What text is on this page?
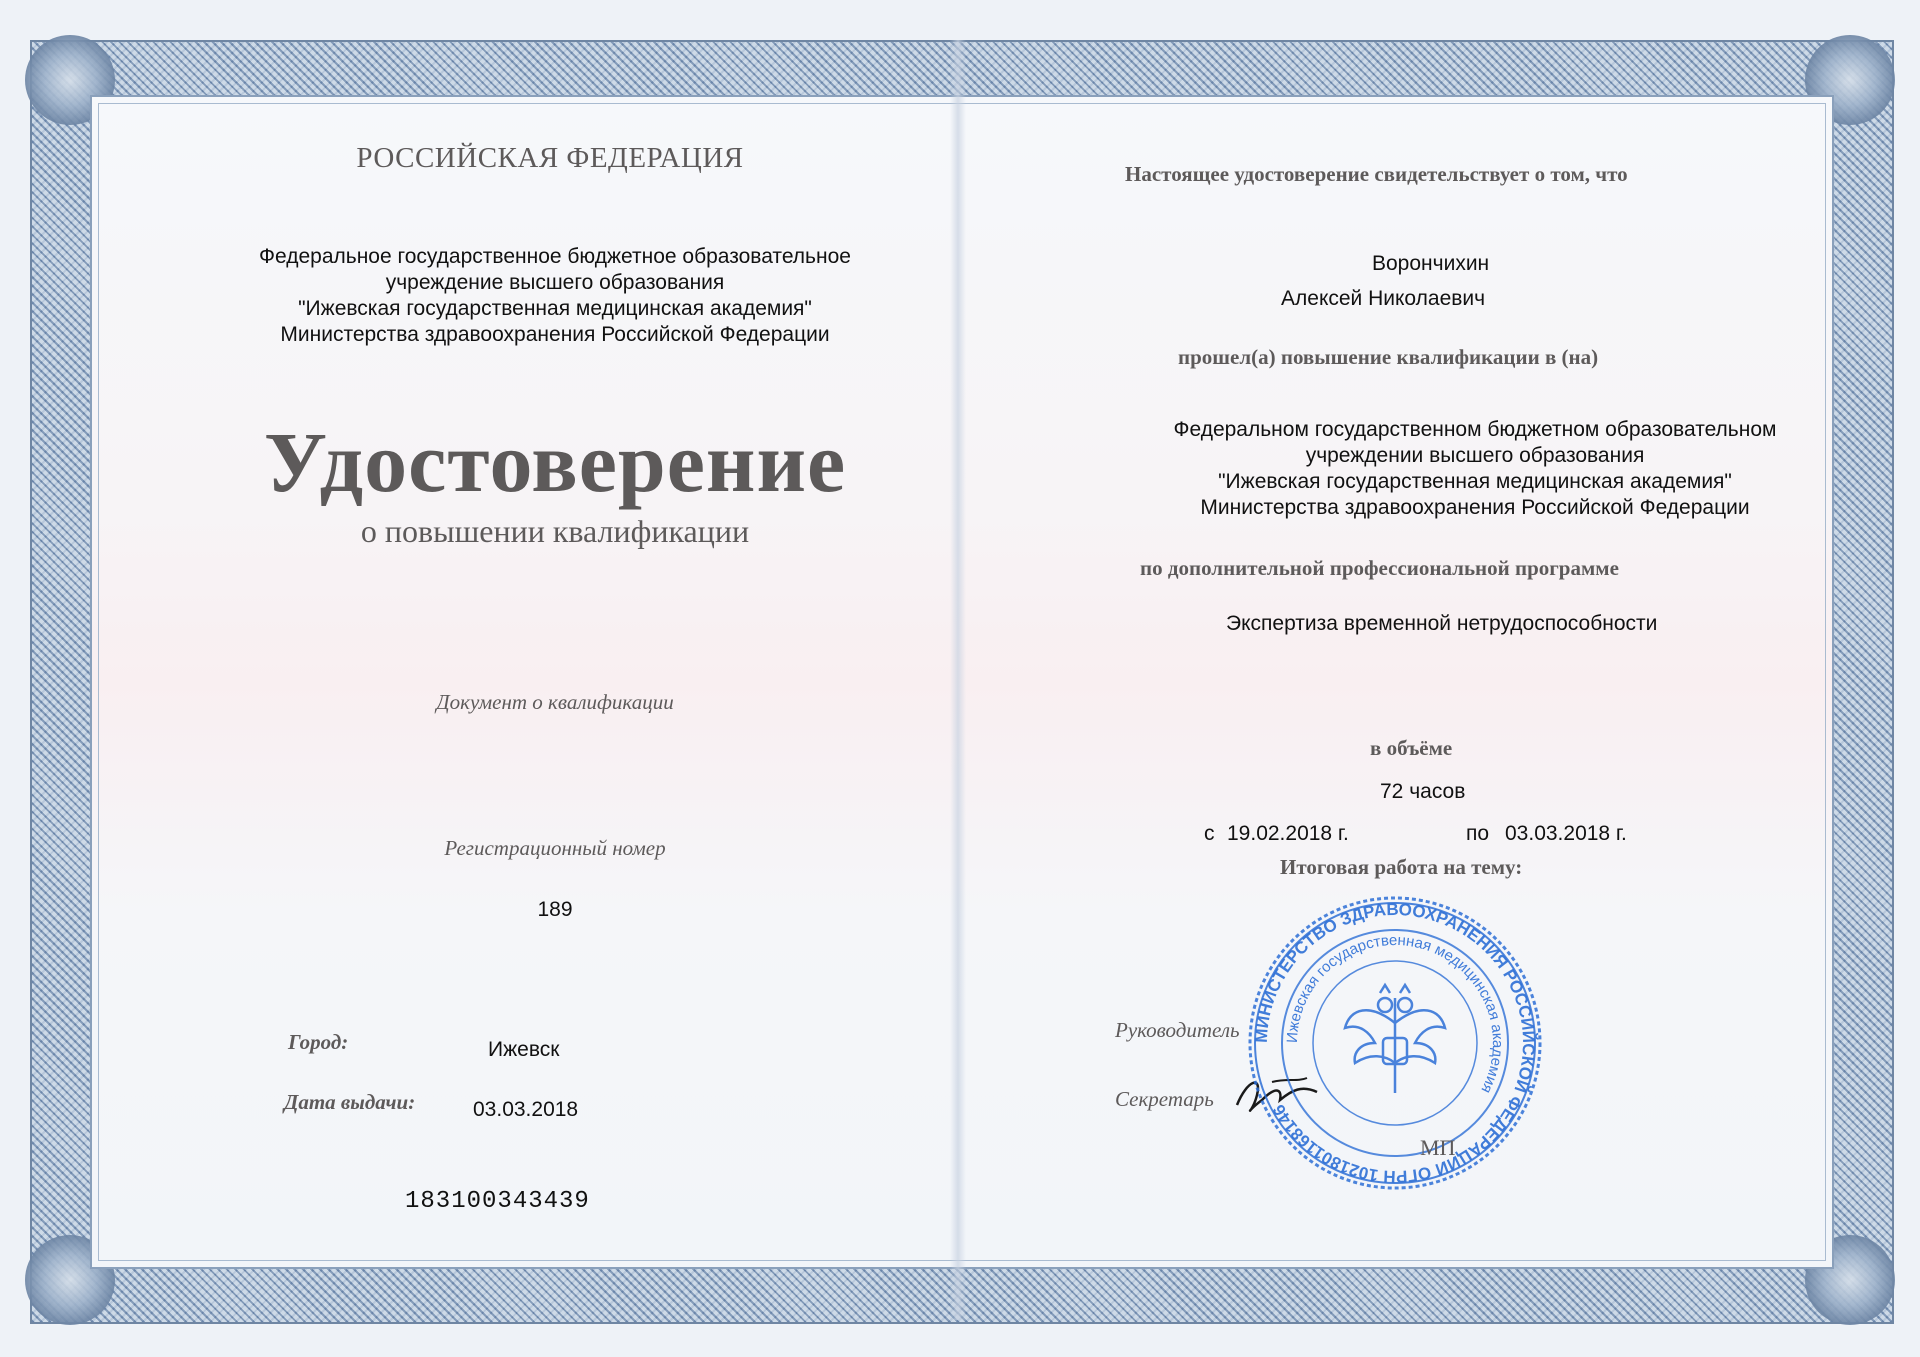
РОССИЙСКАЯ ФЕДЕРАЦИЯ
Федеральное государственное бюджетное образовательное
учреждение высшего образования
"Ижевская государственная медицинская академия"
Министерства здравоохранения Российской Федерации
Удостоверение
о повышении квалификации
Документ о квалификации
Регистрационный номер
189
Город:	Ижевск
Дата выдачи:	03.03.2018
183100343439
Настоящее удостоверение свидетельствует о том, что
Ворончихин
Алексей Николаевич
прошел(а) повышение квалификации в (на)
Федеральном государственном бюджетном образовательном
учреждении высшего образования
"Ижевская государственная медицинская академия"
Министерства здравоохранения Российской Федерации
по дополнительной профессиональной программе
Экспертиза временной нетрудоспособности
в объёме
72 часов
с 19.02.2018 г.	по 03.03.2018 г.
Итоговая работа на тему:
Руководитель
Секретарь
МИНИСТЕРСТВО ЗДРАВООХРАНЕНИЯ РОССИЙСКОЙ ФЕДЕРАЦИИ ОГРН 1021801168146
Ижевская государственная медицинская академия
МП
